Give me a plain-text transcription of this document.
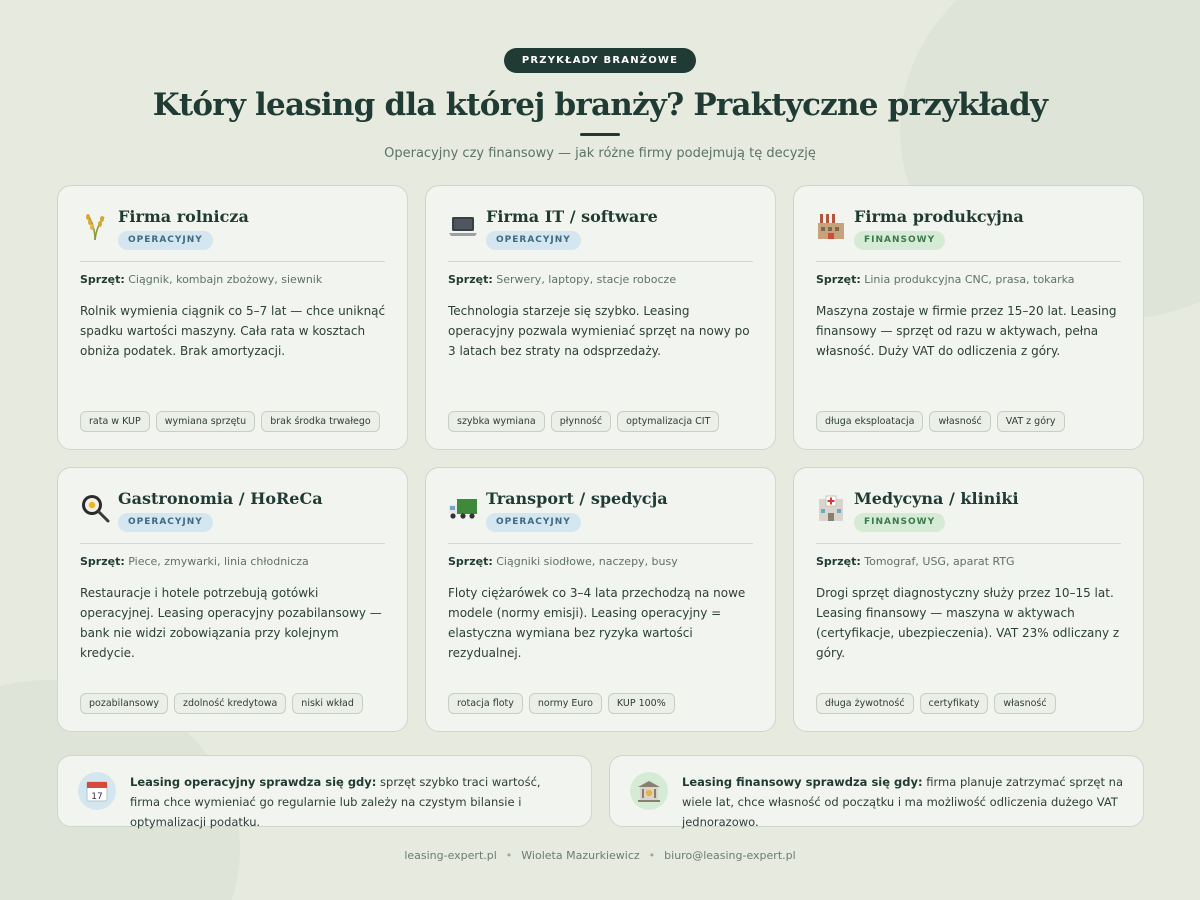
PRZYKŁADY BRANŻOWE
Który leasing dla której branży? Praktyczne przykłady

Operacyjny czy finansowy — jak różne firmy podejmują tę decyzję

Firma rolnicza
OPERACYJNY
Sprzęt: Ciągnik, kombajn zbożowy, siewnik

Rolnik wymienia ciągnik co 5–7 lat — chce uniknąć spadku wartości maszyny. Cała rata w kosztach obniża podatek. Brak amortyzacji.

rata w KUP	wymiana sprzętu	brak środka trwałego
Firma IT / software
OPERACYJNY
Sprzęt: Serwery, laptopy, stacje robocze

Technologia starzeje się szybko. Leasing operacyjny pozwala wymieniać sprzęt na nowy po 3 latach bez straty na odsprzedaży.

szybka wymiana	płynność	optymalizacja CIT
Firma produkcyjna
FINANSOWY
Sprzęt: Linia produkcyjna CNC, prasa, tokarka

Maszyna zostaje w firmie przez 15–20 lat. Leasing finansowy — sprzęt od razu w aktywach, pełna własność. Duży VAT do odliczenia z góry.

długa eksploatacja	własność	VAT z góry
Gastronomia / HoReCa
OPERACYJNY
Sprzęt: Piece, zmywarki, linia chłodnicza

Restauracje i hotele potrzebują gotówki operacyjnej. Leasing operacyjny pozabilansowy — bank nie widzi zobowiązania przy kolejnym kredycie.

pozabilansowy	zdolność kredytowa	niski wkład
Transport / spedycja
OPERACYJNY
Sprzęt: Ciągniki siodłowe, naczepy, busy

Floty ciężarówek co 3–4 lata przechodzą na nowe modele (normy emisji). Leasing operacyjny = elastyczna wymiana bez ryzyka wartości rezydualnej.

rotacja floty	normy Euro	KUP 100%
Medycyna / kliniki
FINANSOWY
Sprzęt: Tomograf, USG, aparat RTG

Drogi sprzęt diagnostyczny służy przez 10–15 lat. Leasing finansowy — maszyna w aktywach (certyfikacje, ubezpieczenia). VAT 23% odliczany z góry.

długa żywotność	certyfikaty	własność
17

Leasing operacyjny sprawdza się gdy: sprzęt szybko traci wartość, firma chce wymieniać go regularnie lub zależy na czystym bilansie i optymalizacji podatku.

Leasing finansowy sprawdza się gdy: firma planuje zatrzymać sprzęt na wiele lat, chce własność od początku i ma możliwość odliczenia dużego VAT jednorazowo.

leasing-expert.pl • Wioleta Mazurkiewicz • biuro@leasing-expert.pl
